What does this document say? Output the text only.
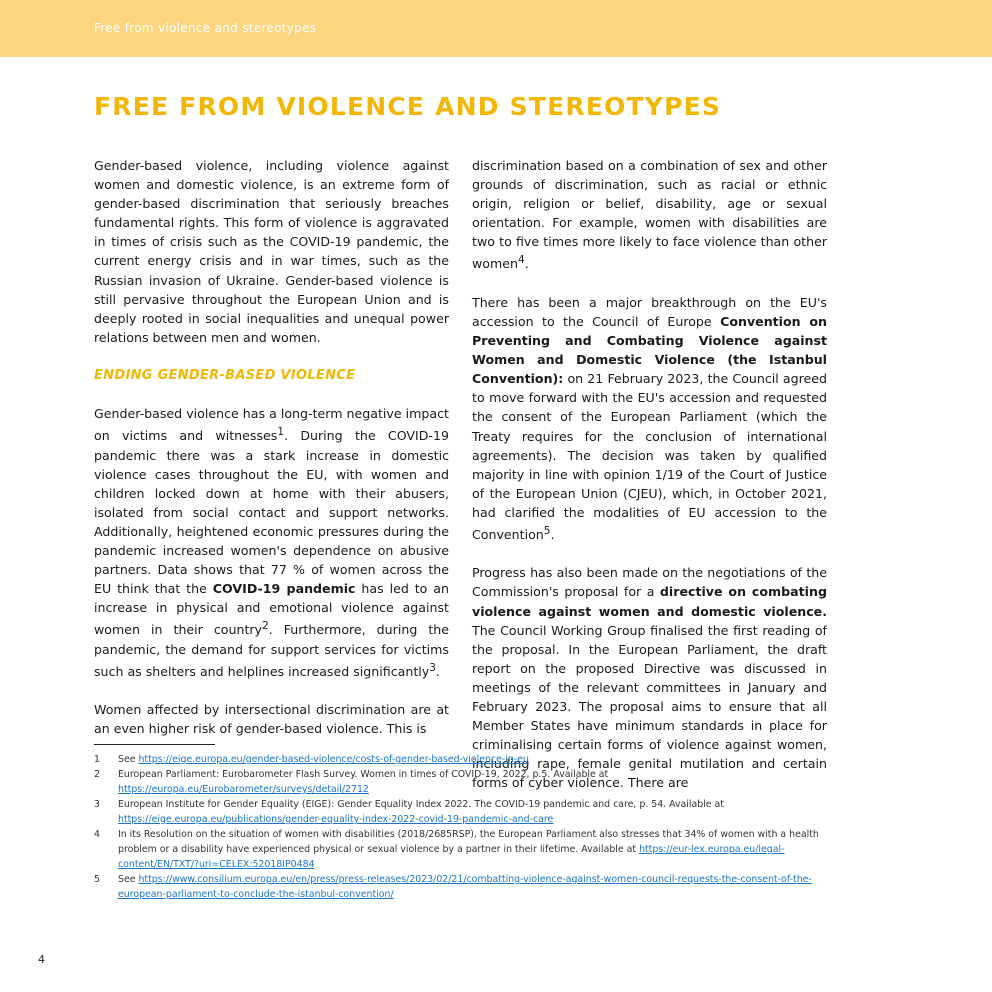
Free from violence and stereotypes
FREE FROM VIOLENCE AND STEREOTYPES

Gender-based violence, including violence against women and domestic violence, is an extreme form of gender-based discrimination that seriously breaches fundamental rights. This form of violence is aggravated in times of crisis such as the COVID-19 pandemic, the current energy crisis and in war times, such as the Russian invasion of Ukraine. Gender-based violence is still pervasive throughout the European Union and is deeply rooted in social inequalities and unequal power relations between men and women.

ENDING GENDER-BASED VIOLENCE

Gender-based violence has a long-term negative impact on victims and witnesses$^1$. During the COVID-19 pandemic there was a stark increase in domestic violence cases throughout the EU, with women and children locked down at home with their abusers, isolated from social contact and support networks. Additionally, heightened economic pressures during the pandemic increased women's dependence on abusive partners. Data shows that 77 % of women across the EU think that the COVID-19 pandemic has led to an increase in physical and emotional violence against women in their country$^2$. Furthermore, during the pandemic, the demand for support services for victims such as shelters and helplines increased significantly$^3$.

Women affected by intersectional discrimination are at an even higher risk of gender-based violence. This is

discrimination based on a combination of sex and other grounds of discrimination, such as racial or ethnic origin, religion or belief, disability, age or sexual orientation. For example, women with disabilities are two to five times more likely to face violence than other women$^4$.

There has been a major breakthrough on the EU's accession to the Council of Europe Convention on Preventing and Combating Violence against Women and Domestic Violence (the Istanbul Convention): on 21 February 2023, the Council agreed to move forward with the EU's accession and requested the consent of the European Parliament (which the Treaty requires for the conclusion of international agreements). The decision was taken by qualified majority in line with opinion 1/19 of the Court of Justice of the European Union (CJEU), which, in October 2021, had clarified the modalities of EU accession to the Convention$^5$.

Progress has also been made on the negotiations of the Commission's proposal for a directive on combating violence against women and domestic violence. The Council Working Group finalised the first reading of the proposal. In the European Parliament, the draft report on the proposed Directive was discussed in meetings of the relevant committees in January and February 2023. The proposal aims to ensure that all Member States have minimum standards in place for criminalising certain forms of violence against women, including rape, female genital mutilation and certain forms of cyber violence. There are

1	See https://eige.europa.eu/gender-based-violence/costs-of-gender-based-violence-in-eu
2	European Parliament: Eurobarometer Flash Survey. Women in times of COVID-19, 2022, p.5. Available at https://europa.eu/Eurobarometer/surveys/detail/2712
3	European Institute for Gender Equality (EIGE): Gender Equality Index 2022. The COVID-19 pandemic and care, p. 54. Available at https://eige.europa.eu/publications/gender-equality-index-2022-covid-19-pandemic-and-care
4	In its Resolution on the situation of women with disabilities (2018/2685RSP), the European Parliament also stresses that 34% of women with a health problem or a disability have experienced physical or sexual violence by a partner in their lifetime. Available at https://eur-lex.europa.eu/legal-content/EN/TXT/?uri=CELEX:52018IP0484
5	See https://www.consilium.europa.eu/en/press/press-releases/2023/02/21/combatting-violence-against-women-council-requests-the-consent-of-the-european-parliament-to-conclude-the-istanbul-convention/
4
